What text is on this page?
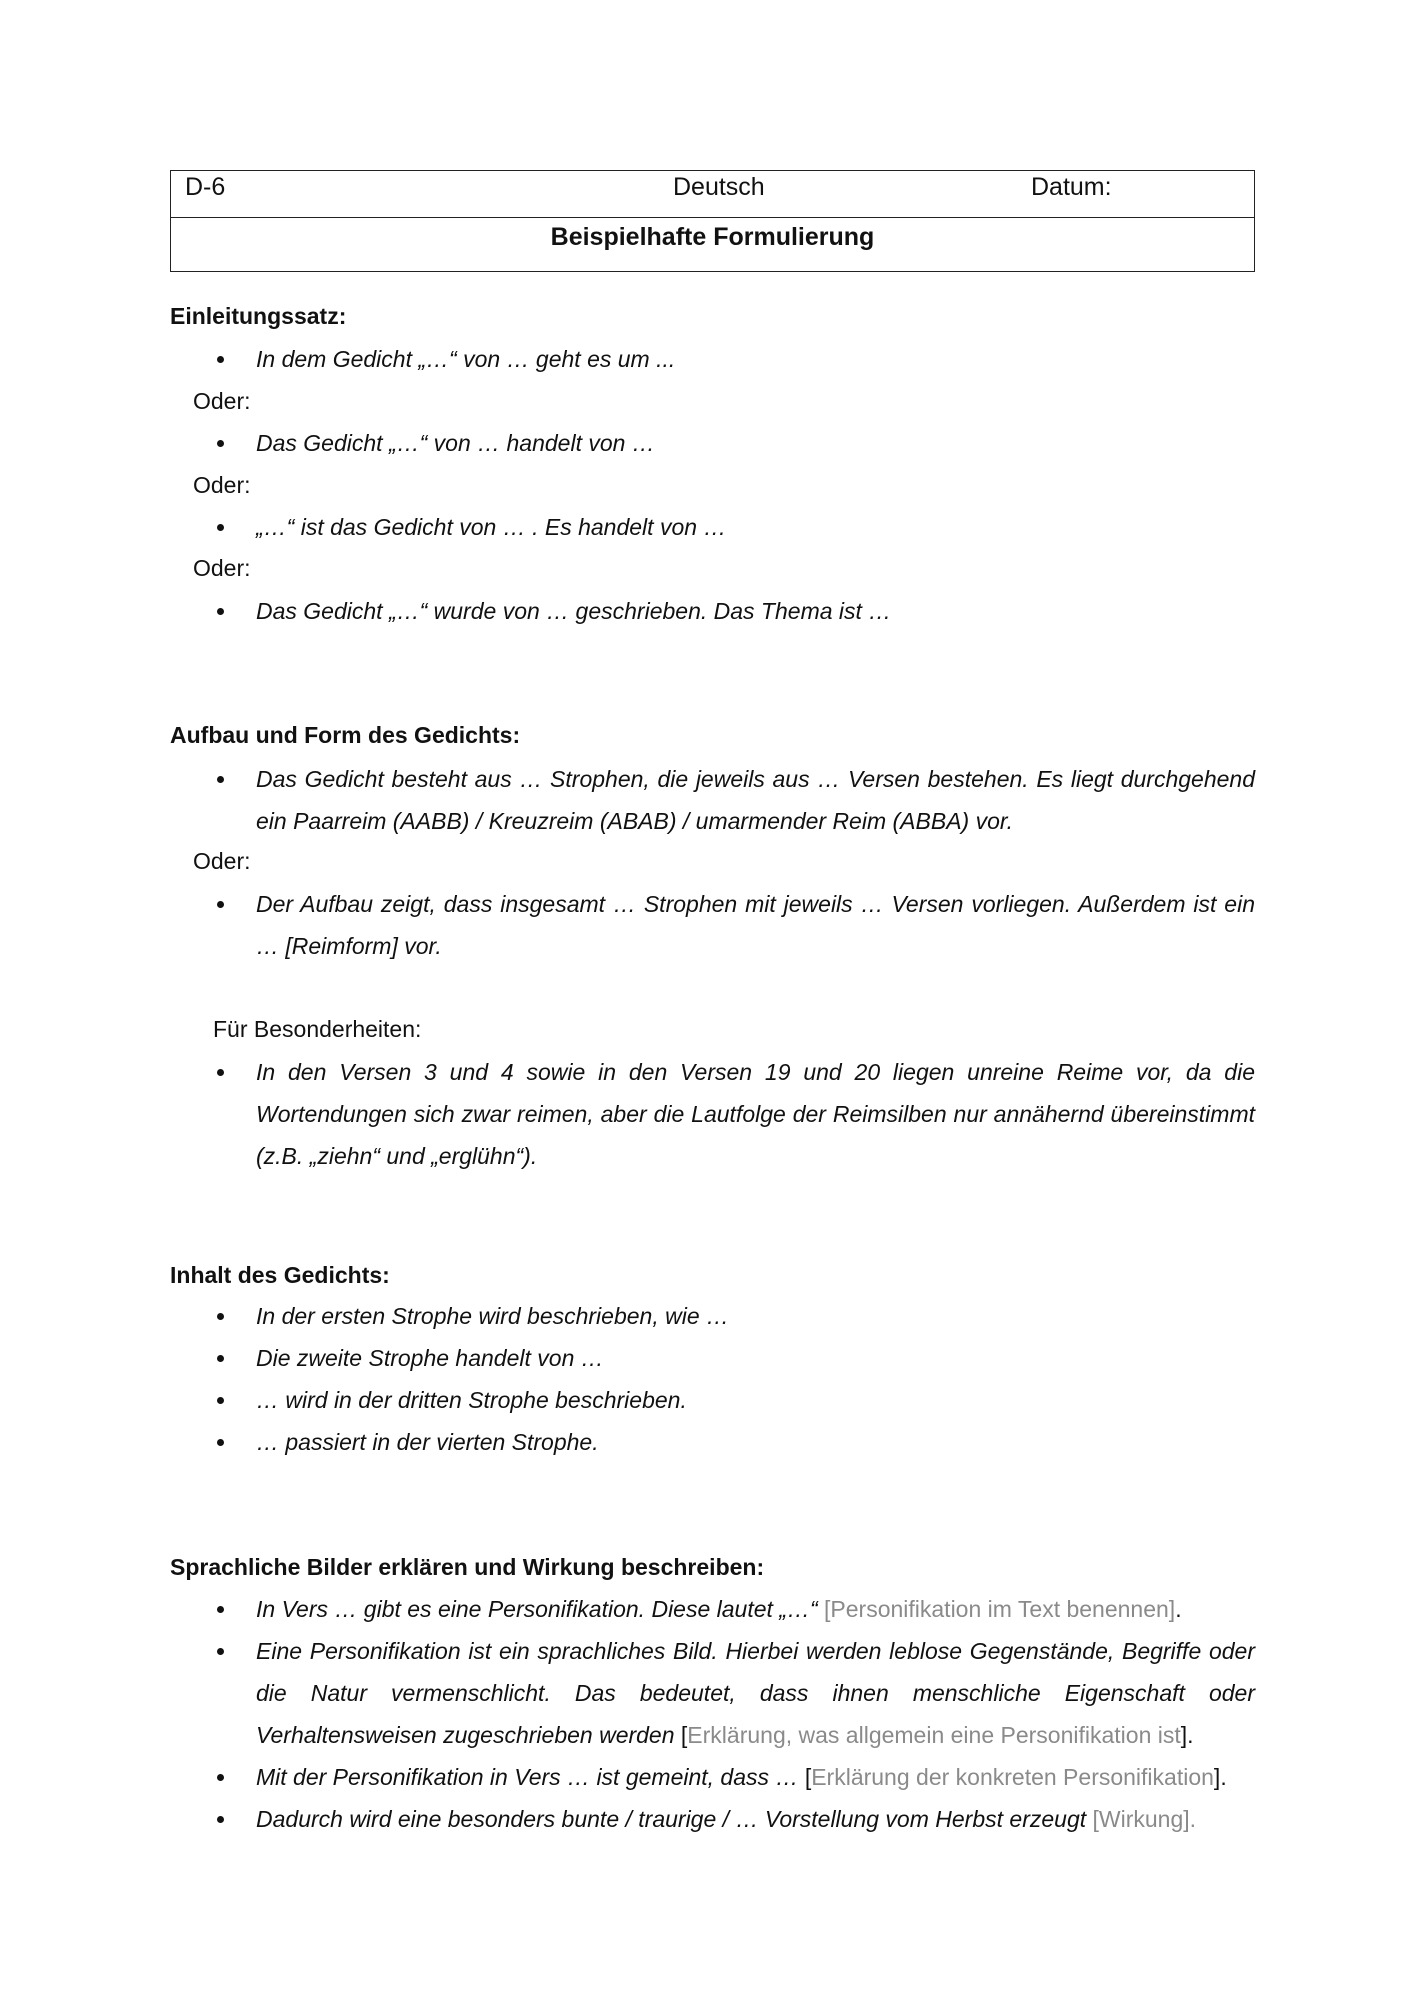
D-6	Deutsch	Datum:
Beispielhafte Formulierung
Einleitungssatz:
In dem Gedicht „…“ von … geht es um ...
Oder:
Das Gedicht „…“ von … handelt von …
Oder:
„…“ ist das Gedicht von … . Es handelt von …
Oder:
Das Gedicht „…“ wurde von … geschrieben. Das Thema ist …
Aufbau und Form des Gedichts:
Das Gedicht besteht aus … Strophen, die jeweils aus … Versen bestehen. Es liegt durchgehend ein Paarreim (AABB) / Kreuzreim (ABAB) / umarmender Reim (ABBA) vor.
Oder:
Der Aufbau zeigt, dass insgesamt … Strophen mit jeweils … Versen vorliegen. Außerdem ist ein … [Reimform] vor.
Für Besonderheiten:
In den Versen 3 und 4 sowie in den Versen 19 und 20 liegen unreine Reime vor, da die Wortendungen sich zwar reimen, aber die Lautfolge der Reimsilben nur annähernd übereinstimmt (z.B. „ziehn“ und „erglühn“).
Inhalt des Gedichts:
In der ersten Strophe wird beschrieben, wie …
Die zweite Strophe handelt von …
… wird in der dritten Strophe beschrieben.
… passiert in der vierten Strophe.
Sprachliche Bilder erklären und Wirkung beschreiben:
In Vers … gibt es eine Personifikation. Diese lautet „…“ [Personifikation im Text benennen].
Eine Personifikation ist ein sprachliches Bild. Hierbei werden leblose Gegenstände, Begriffe oder die Natur vermenschlicht. Das bedeutet, dass ihnen menschliche Eigenschaft oder Verhaltensweisen zugeschrieben werden [Erklärung, was allgemein eine Personifikation ist].
Mit der Personifikation in Vers … ist gemeint, dass … [Erklärung der konkreten Personifikation].
Dadurch wird eine besonders bunte / traurige / … Vorstellung vom Herbst erzeugt [Wirkung].
